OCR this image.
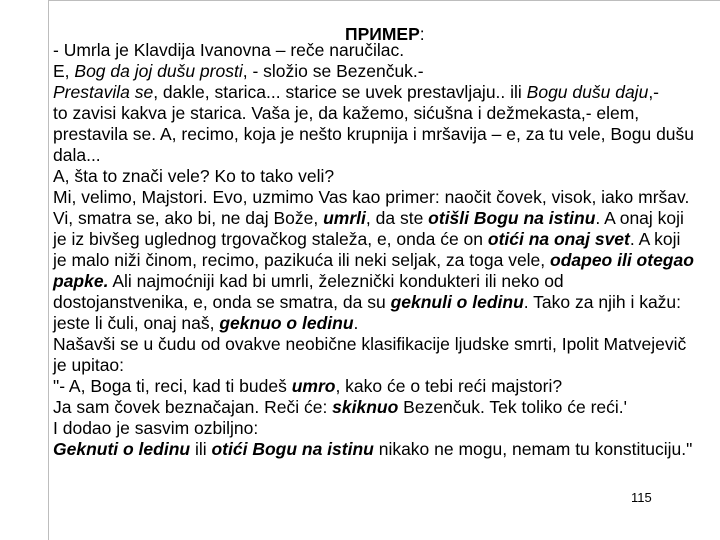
ПРИМЕР:
- Umrla je Klavdija Ivanovna – reče naručilac.
E, Bog da joj dušu prosti, - složio se Bezenčuk.-
Prestavila se, dakle, starica... starice se uvek prestavljaju.. ili Bogu dušu daju,-
to zavisi kakva je starica. Vaša je, da kažemo, sićušna i dežmekasta,- elem,
prestavila se. A, recimo, koja je nešto krupnija i mršavija – e, za tu vele, Bogu dušu
dala...
A, šta to znači vele? Ko to tako veli?
Mi, velimo, Majstori. Evo, uzmimo Vas kao primer: naočit čovek, visok, iako mršav.
Vi, smatra se, ako bi, ne daj Bože, umrli, da ste otišli Bogu na istinu. A onaj koji
je iz bivšeg uglednog trgovačkog staleža, e, onda će on otići na onaj svet. A koji
je malo niži činom, recimo, pazikuća ili neki seljak, za toga vele, odapeo ili otegao
papke. Ali najmoćniji kad bi umrli, železnički kondukteri ili neko od
dostojanstvenika, e, onda se smatra, da su geknuli o ledinu. Tako za njih i kažu:
jeste li čuli, onaj naš, geknuo o ledinu.
Našavši se u čudu od ovakve neobične klasifikacije ljudske smrti, Ipolit Matvejevič
je upitao:
"- A, Boga ti, reci, kad ti budeš umro, kako će o tebi reći majstori?
Ja sam čovek beznačajan. Reči će: skiknuo Bezenčuk. Tek toliko će reći.'
I dodao je sasvim ozbiljno:
Geknuti o ledinu ili otići Bogu na istinu nikako ne mogu, nemam tu konstituciju."
115
